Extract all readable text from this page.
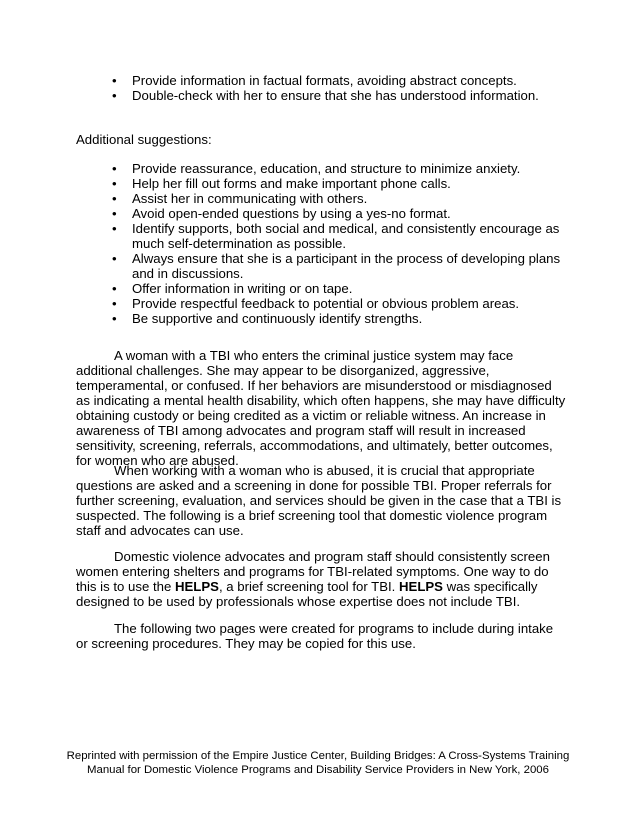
• Provide information in factual formats, avoiding abstract concepts.
• Double-check with her to ensure that she has understood information.

Additional suggestions:

• Provide reassurance, education, and structure to minimize anxiety.
• Help her fill out forms and make important phone calls.
• Assist her in communicating with others.
• Avoid open-ended questions by using a yes-no format.
• Identify supports, both social and medical, and consistently encourage as much self-determination as possible.
• Always ensure that she is a participant in the process of developing plans and in discussions.
• Offer information in writing or on tape.
• Provide respectful feedback to potential or obvious problem areas.
• Be supportive and continuously identify strengths.

A woman with a TBI who enters the criminal justice system may face additional challenges. She may appear to be disorganized, aggressive, temperamental, or confused. If her behaviors are misunderstood or misdiagnosed as indicating a mental health disability, which often happens, she may have difficulty obtaining custody or being credited as a victim or reliable witness. An increase in awareness of TBI among advocates and program staff will result in increased sensitivity, screening, referrals, accommodations, and ultimately, better outcomes, for women who are abused.

When working with a woman who is abused, it is crucial that appropriate questions are asked and a screening in done for possible TBI. Proper referrals for further screening, evaluation, and services should be given in the case that a TBI is suspected. The following is a brief screening tool that domestic violence program staff and advocates can use.

Domestic violence advocates and program staff should consistently screen women entering shelters and programs for TBI-related symptoms. One way to do this is to use the HELPS, a brief screening tool for TBI. HELPS was specifically designed to be used by professionals whose expertise does not include TBI.

The following two pages were created for programs to include during intake or screening procedures. They may be copied for this use.

Reprinted with permission of the Empire Justice Center, Building Bridges: A Cross-Systems Training
Manual for Domestic Violence Programs and Disability Service Providers in New York, 2006
